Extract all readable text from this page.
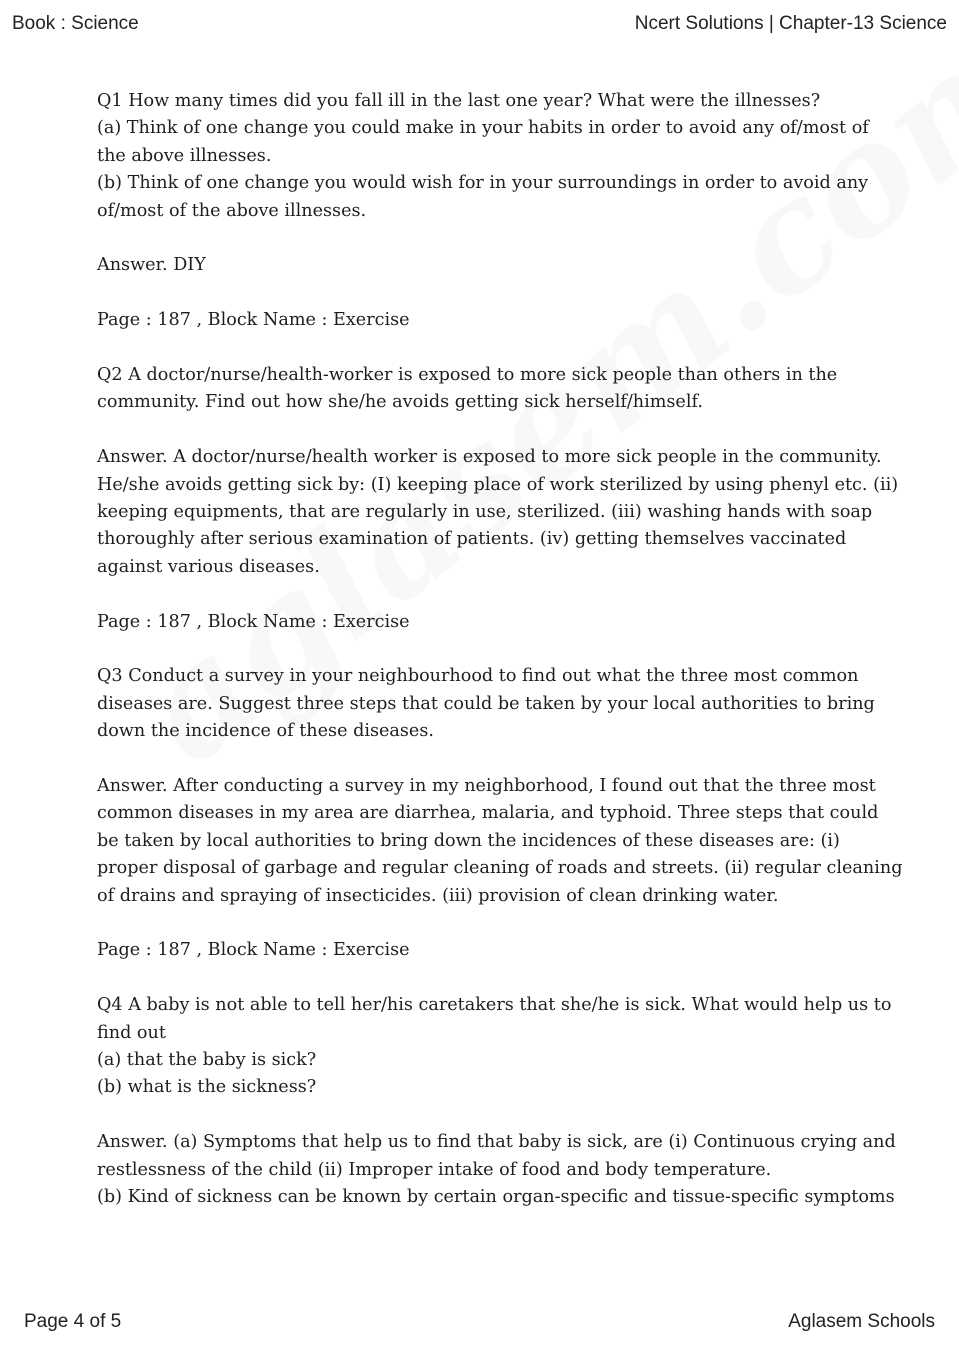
Book : Science	Ncert Solutions | Chapter-13 Science

Q1 How many times did you fall ill in the last one year? What were the illnesses?
(a) Think of one change you could make in your habits in order to avoid any of/most of
the above illnesses.
(b) Think of one change you would wish for in your surroundings in order to avoid any
of/most of the above illnesses.

Answer. DIY

Page : 187 , Block Name : Exercise

Q2 A doctor/nurse/health-worker is exposed to more sick people than others in the
community. Find out how she/he avoids getting sick herself/himself.

Answer. A doctor/nurse/health worker is exposed to more sick people in the community.
He/she avoids getting sick by: (I) keeping place of work sterilized by using phenyl etc. (ii)
keeping equipments, that are regularly in use, sterilized. (iii) washing hands with soap
thoroughly after serious examination of patients. (iv) getting themselves vaccinated
against various diseases.

Page : 187 , Block Name : Exercise

Q3 Conduct a survey in your neighbourhood to find out what the three most common
diseases are. Suggest three steps that could be taken by your local authorities to bring
down the incidence of these diseases.

Answer. After conducting a survey in my neighborhood, I found out that the three most
common diseases in my area are diarrhea, malaria, and typhoid. Three steps that could
be taken by local authorities to bring down the incidences of these diseases are: (i)
proper disposal of garbage and regular cleaning of roads and streets. (ii) regular cleaning
of drains and spraying of insecticides. (iii) provision of clean drinking water.

Page : 187 , Block Name : Exercise

Q4 A baby is not able to tell her/his caretakers that she/he is sick. What would help us to
find out
(a) that the baby is sick?
(b) what is the sickness?

Answer. (a) Symptoms that help us to find that baby is sick, are (i) Continuous crying and
restlessness of the child (ii) Improper intake of food and body temperature.
(b) Kind of sickness can be known by certain organ-specific and tissue-specific symptoms

Page 4 of 5	Aglasem Schools
